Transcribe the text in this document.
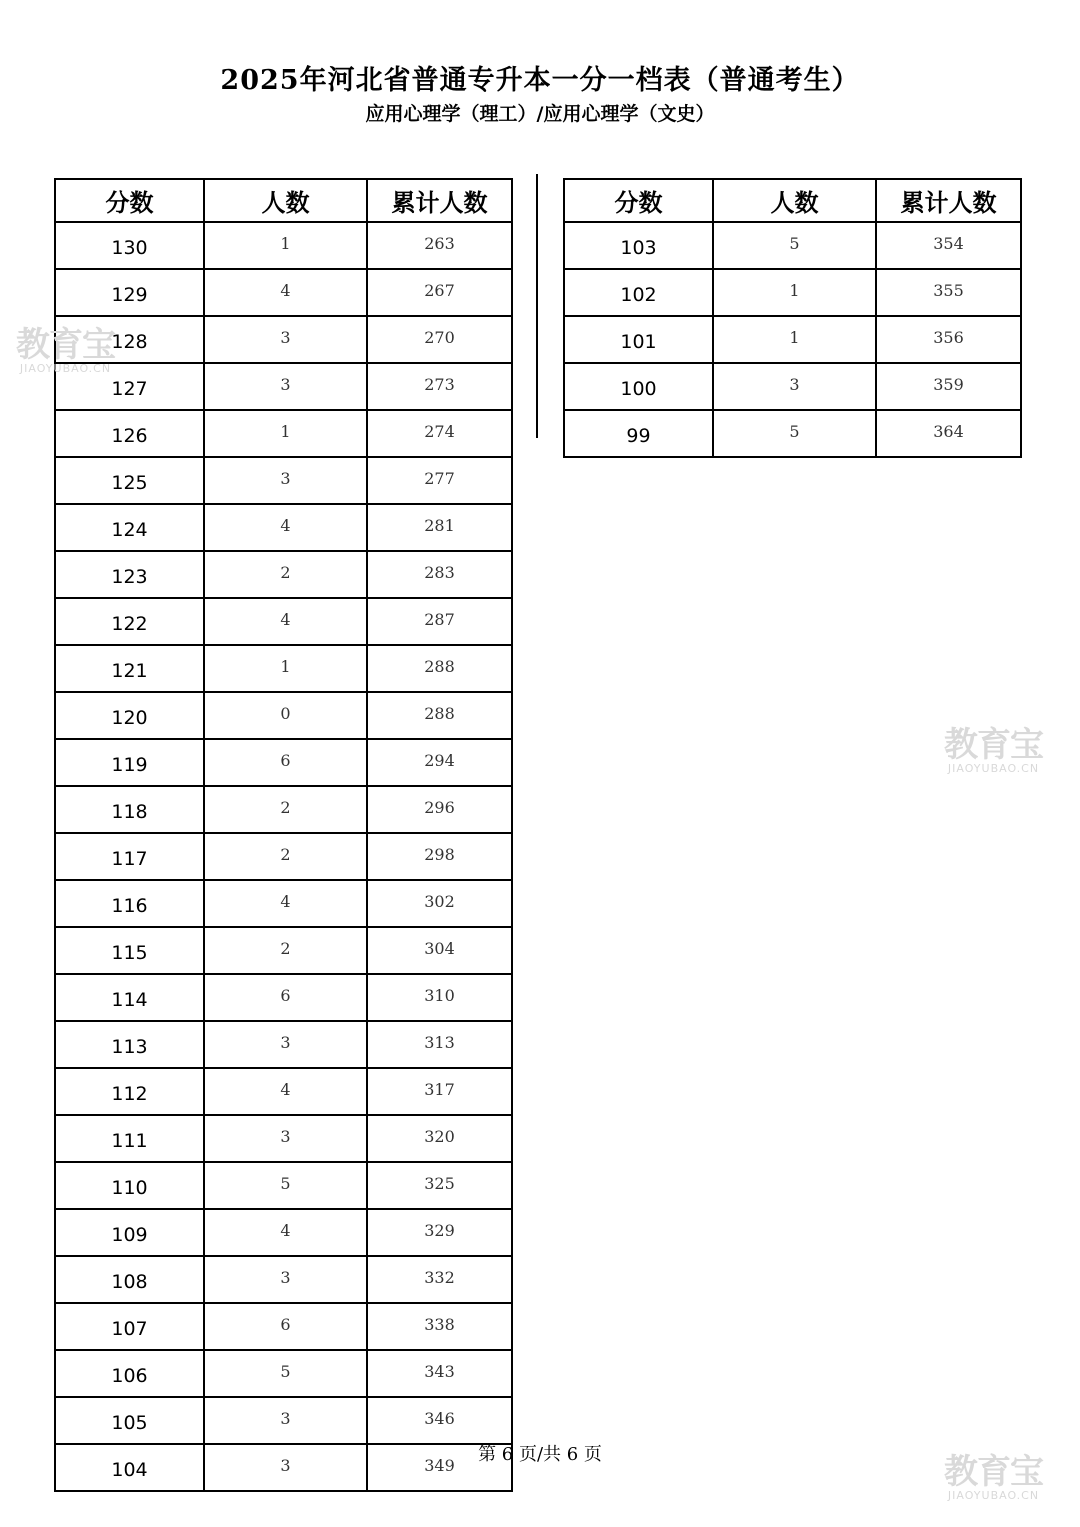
2025年河北省普通专升本一分一档表（普通考生）
应用心理学（理工）/应用心理学（文史）
分数	人数	累计人数
130	1	263
129	4	267
128	3	270
127	3	273
126	1	274
125	3	277
124	4	281
123	2	283
122	4	287
121	1	288
120	0	288
119	6	294
118	2	296
117	2	298
116	4	302
115	2	304
114	6	310
113	3	313
112	4	317
111	3	320
110	5	325
109	4	329
108	3	332
107	6	338
106	5	343
105	3	346
104	3	349
分数	人数	累计人数
103	5	354
102	1	355
101	1	356
100	3	359
99	5	364
第 6 页/共 6 页
教育宝
JIAOYUBAO.CN
教育宝
JIAOYUBAO.CN
教育宝
JIAOYUBAO.CN
